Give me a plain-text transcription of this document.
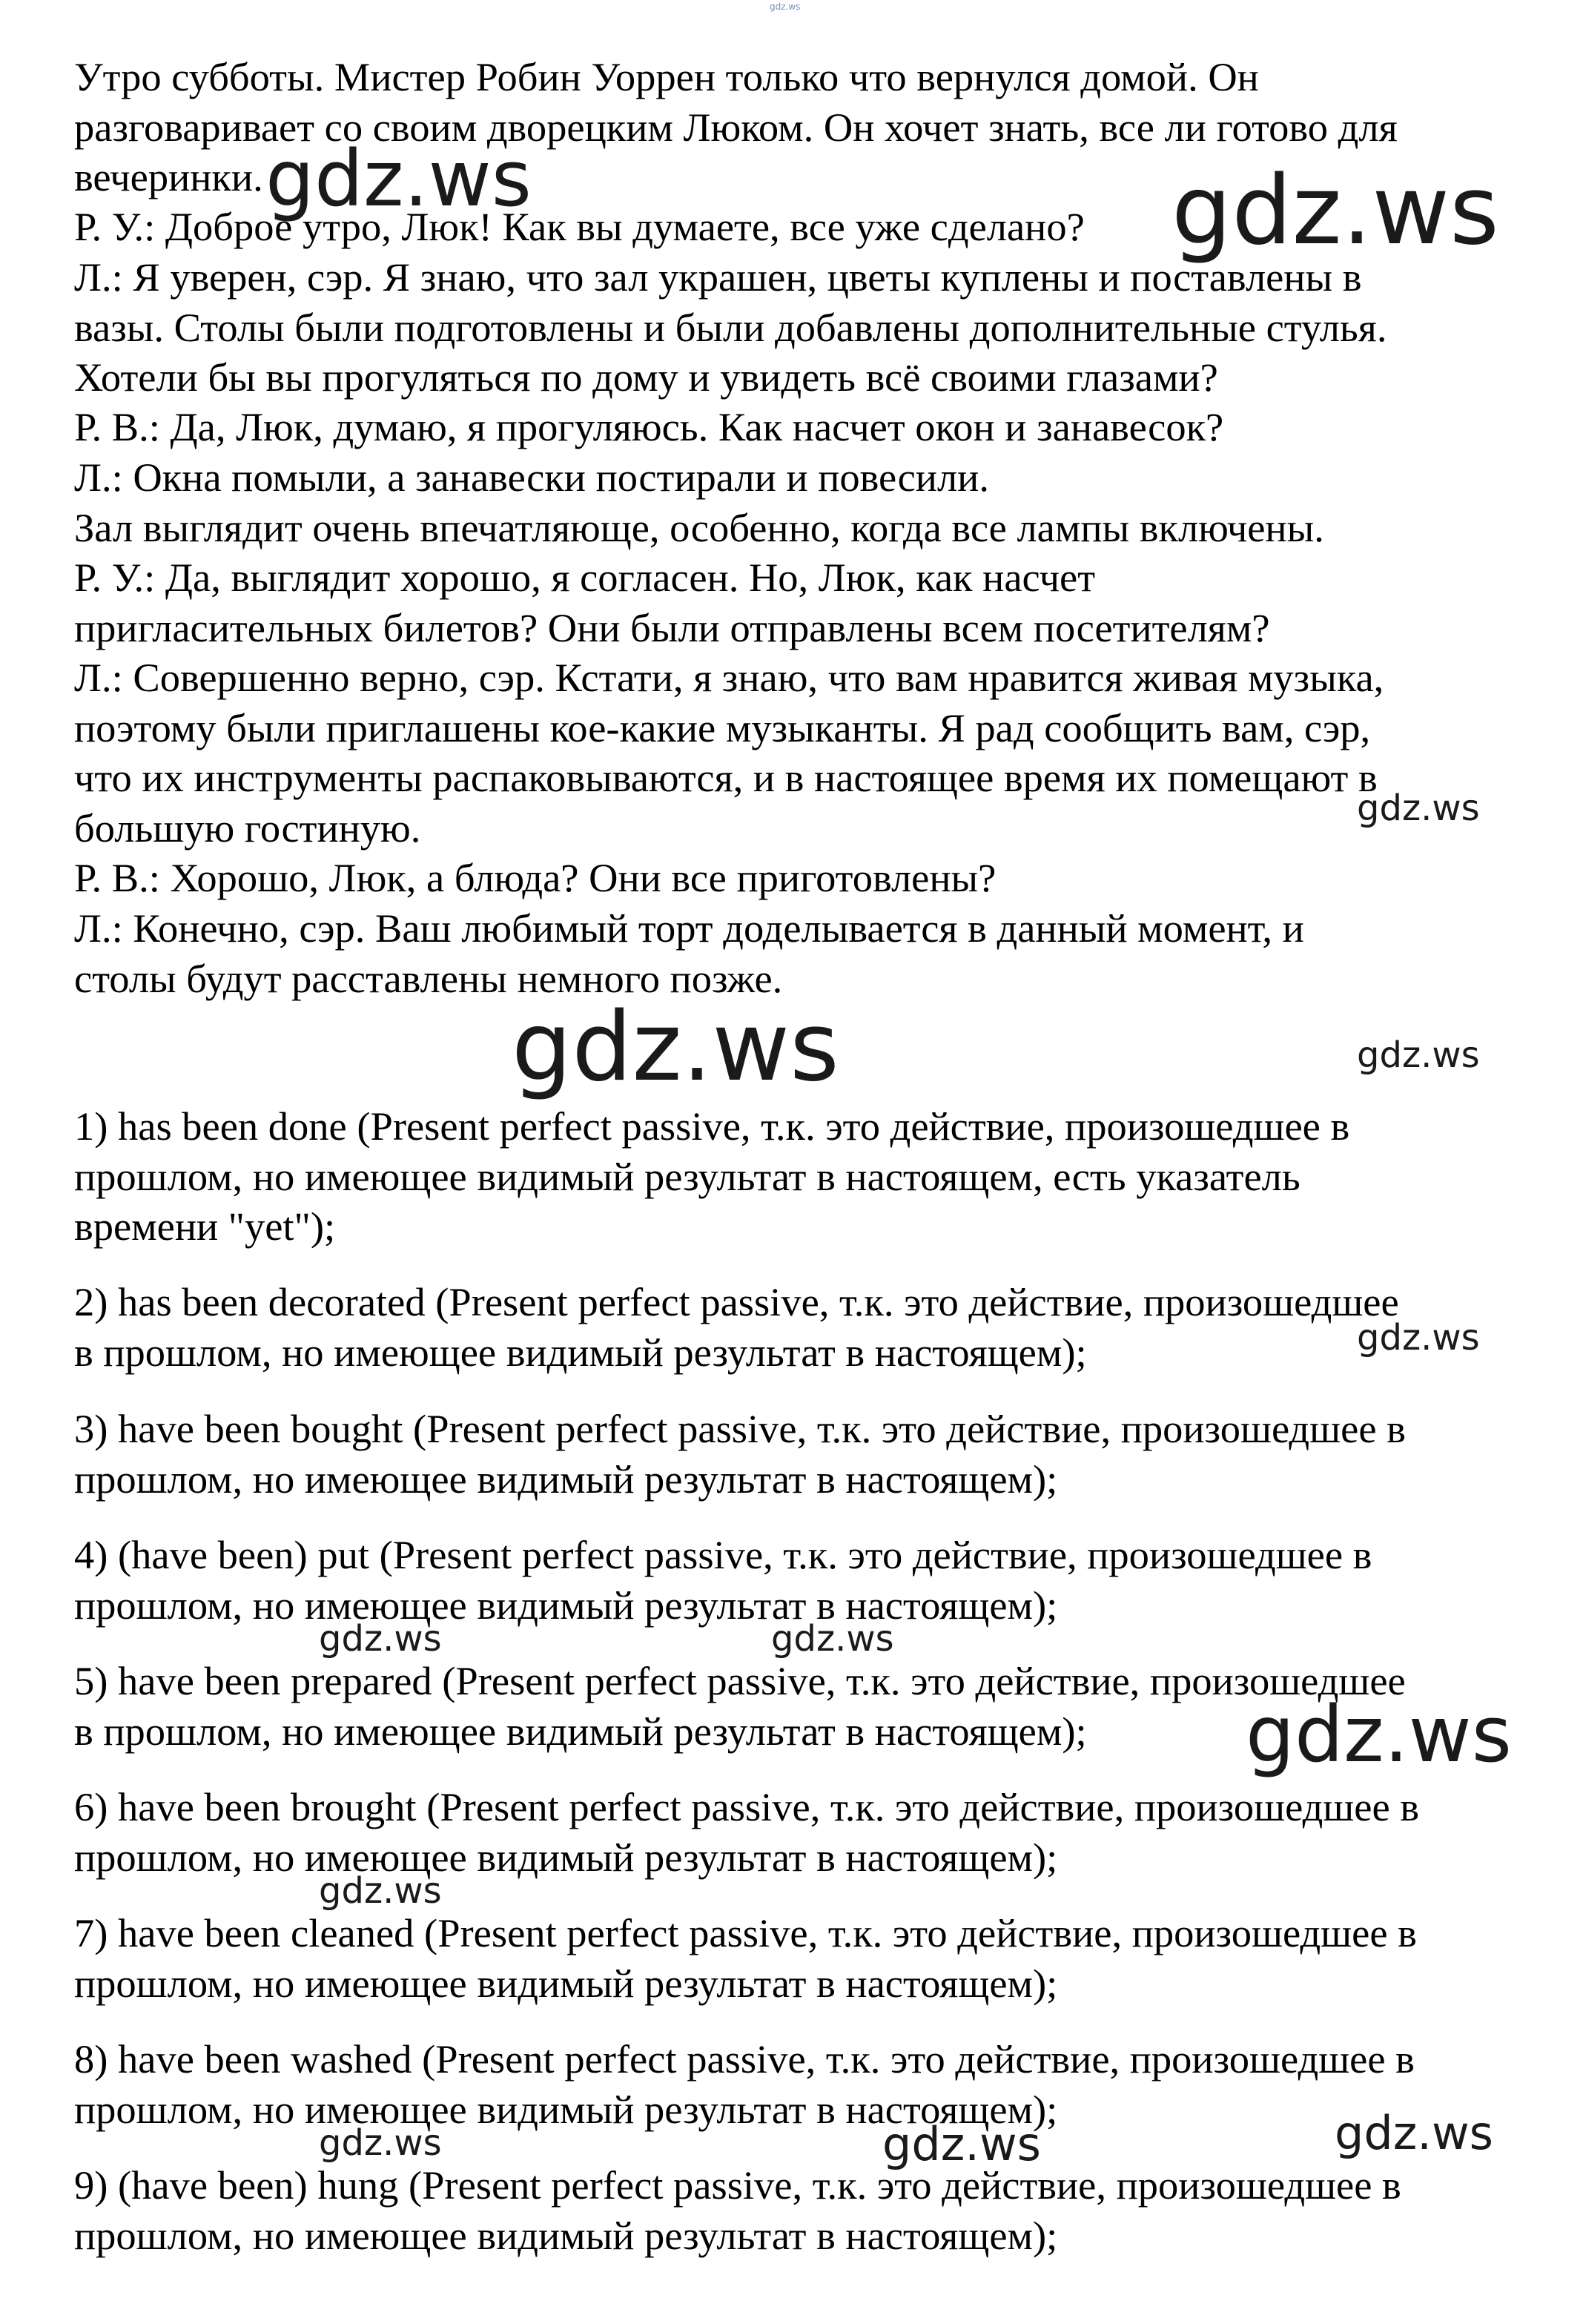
Утро субботы. Мистер Робин Уоррен только что вернулся домой. Он
разговаривает со своим дворецким Люком. Он хочет знать, все ли готово для
вечеринки.

Р. У.: Доброе утро, Люк! Как вы думаете, все уже сделано?

Л.: Я уверен, сэр. Я знаю, что зал украшен, цветы куплены и поставлены в
вазы. Столы были подготовлены и были добавлены дополнительные стулья.
Хотели бы вы прогуляться по дому и увидеть всё своими глазами?

Р. В.: Да, Люк, думаю, я прогуляюсь. Как насчет окон и занавесок?

Л.: Окна помыли, а занавески постирали и повесили.
Зал выглядит очень впечатляюще, особенно, когда все лампы включены.

Р. У.: Да, выглядит хорошо, я согласен. Но, Люк, как насчет
пригласительных билетов? Они были отправлены всем посетителям?

Л.: Совершенно верно, сэр. Кстати, я знаю, что вам нравится живая музыка,
поэтому были приглашены кое-какие музыканты. Я рад сообщить вам, сэр,
что их инструменты распаковываются, и в настоящее время их помещают в
большую гостиную.

Р. В.: Хорошо, Люк, а блюда? Они все приготовлены?

Л.: Конечно, сэр. Ваш любимый торт доделывается в данный момент, и
столы будут расставлены немного позже.

1) has been done (Present perfect passive, т.к. это действие, произошедшее в
прошлом, но имеющее видимый результат в настоящем, есть указатель
времени "yet");

2) has been decorated (Present perfect passive, т.к. это действие, произошедшее
в прошлом, но имеющее видимый результат в настоящем);

3) have been bought (Present perfect passive, т.к. это действие, произошедшее в
прошлом, но имеющее видимый результат в настоящем);

4) (have been) put (Present perfect passive, т.к. это действие, произошедшее в
прошлом, но имеющее видимый результат в настоящем);

5) have been prepared (Present perfect passive, т.к. это действие, произошедшее
в прошлом, но имеющее видимый результат в настоящем);

6) have been brought (Present perfect passive, т.к. это действие, произошедшее в
прошлом, но имеющее видимый результат в настоящем);

7) have been cleaned (Present perfect passive, т.к. это действие, произошедшее в
прошлом, но имеющее видимый результат в настоящем);

8) have been washed (Present perfect passive, т.к. это действие, произошедшее в
прошлом, но имеющее видимый результат в настоящем);

9) (have been) hung (Present perfect passive, т.к. это действие, произошедшее в
прошлом, но имеющее видимый результат в настоящем);

gdz.ws
gdz.ws	gdz.ws
gdz.ws
gdz.ws	gdz.ws
gdz.ws
gdz.ws	gdz.ws
gdz.ws
gdz.ws
gdz.ws	gdz.ws	gdz.ws
